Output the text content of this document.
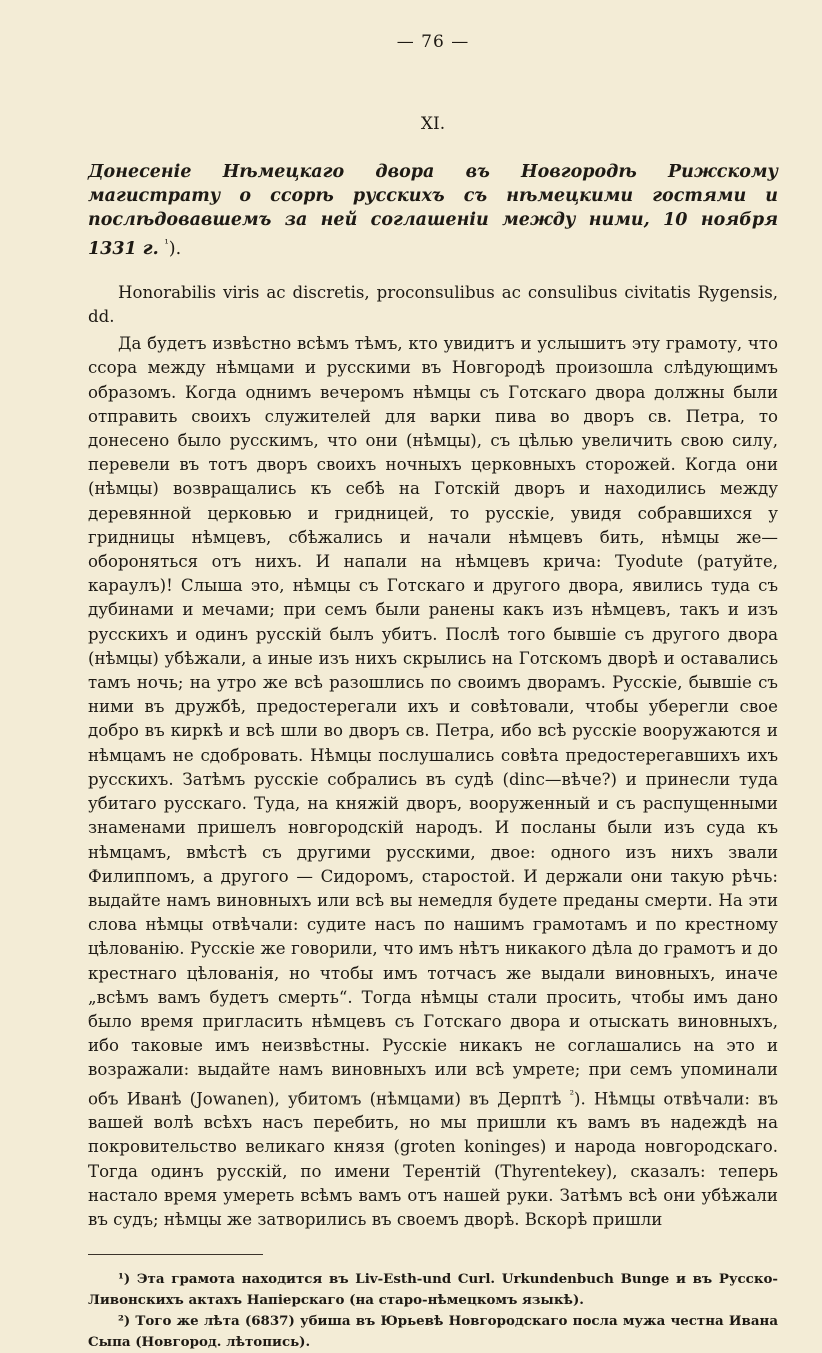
— 76 —
XI.
Донесенiе Нѣмецкаго двора въ Новгородѣ Рижскому магистрату о ссорѣ русскихъ съ нѣмецкими гостями и послѣдовавшемъ за ней соглашенiи между ними, 10 ноября 1331 г. $^{^1}$).

Honorabilis viris ac discretis, proconsulibus ac consulibus civitatis Rygensis, dd.

Да будетъ извѣстно всѣмъ тѣмъ, кто увидитъ и услышитъ эту грамоту, что ссора между нѣмцами и русскими въ Новгородѣ произошла слѣдующимъ образомъ. Когда однимъ вечеромъ нѣмцы съ Готскаго двора должны были отправить своихъ служителей для варки пива во дворъ св. Петра, то донесено было русскимъ, что они (нѣмцы), съ цѣлью увеличить свою силу, перевели въ тотъ дворъ своихъ ночныхъ церковныхъ сторожей. Когда они (нѣмцы) возвращались къ себѣ на Готскiй дворъ и находились между деревянной церковью и гридницей, то русскiе, увидя собравшихся у гридницы нѣмцевъ, сбѣжались и начали нѣмцевъ бить, нѣмцы же—обороняться отъ нихъ. И напали на нѣмцевъ крича: Tyodute (ратуйте, караулъ)! Слыша это, нѣмцы съ Готскаго и другого двора, явились туда съ дубинами и мечами; при семъ были ранены какъ изъ нѣмцевъ, такъ и изъ русскихъ и одинъ русскiй былъ убитъ. Послѣ того бывшiе съ другого двора (нѣмцы) убѣжали, а иные изъ нихъ скрылись на Готскомъ дворѣ и оставались тамъ ночь; на утро же всѣ разошлись по своимъ дворамъ. Русскiе, бывшiе съ ними въ дружбѣ, предостерегали ихъ и совѣтовали, чтобы уберегли свое добро въ киркѣ и всѣ шли во дворъ св. Петра, ибо всѣ русскiе вооружаются и нѣмцамъ не сдобровать. Нѣмцы послушались совѣта предостерегавшихъ ихъ русскихъ. Затѣмъ русскiе собрались въ судѣ (dinc—вѣче?) и принесли туда убитаго русскаго. Туда, на княжiй дворъ, вооруженный и съ распущенными знаменами пришелъ новгородскiй народъ. И посланы были изъ суда къ нѣмцамъ, вмѣстѣ съ другими русскими, двое: одного изъ нихъ звали Филиппомъ, а другого — Сидоромъ, старостой. И держали они такую рѣчь: выдайте намъ виновныхъ или всѣ вы немедля будете преданы смерти. На эти слова нѣмцы отвѣчали: судите насъ по нашимъ грамотамъ и по крестному цѣлованiю. Русскiе же говорили, что имъ нѣтъ никакого дѣла до грамотъ и до крестнаго цѣлованiя, но чтобы имъ тотчасъ же выдали виновныхъ, иначе „всѣмъ вамъ будетъ смерть“. Тогда нѣмцы стали просить, чтобы имъ дано было время пригласить нѣмцевъ съ Готскаго двора и отыскать виновныхъ, ибо таковые имъ неизвѣстны. Русскiе никакъ не соглашались на это и возражали: выдайте намъ виновныхъ или всѣ умрете; при семъ упоминали объ Иванѣ (Jowanen), убитомъ (нѣмцами) въ Дерптѣ $^{^2}$). Нѣмцы отвѣчали: въ вашей волѣ всѣхъ насъ перебить, но мы пришли къ вамъ въ надеждѣ на покровительство великаго князя (groten koninges) и народа новгородскаго. Тогда одинъ русскiй, по имени Терентiй (Thyrentekey), сказалъ: теперь настало время умереть всѣмъ вамъ отъ нашей руки. Затѣмъ всѣ они убѣжали въ судъ; нѣмцы же затворились въ своемъ дворѣ. Вскорѣ пришли

¹) Эта грамота находится въ Liv-Esth-und Curl. Urkundenbuch Bunge и въ Русско-Ливонскихъ актахъ Напiерскаго (на старо-нѣмецкомъ языкѣ).

²) Того же лѣта (6837) убиша въ Юрьевѣ Новгородскаго посла мужа честна Ивана Сыпа (Новгород. лѣтопись).
